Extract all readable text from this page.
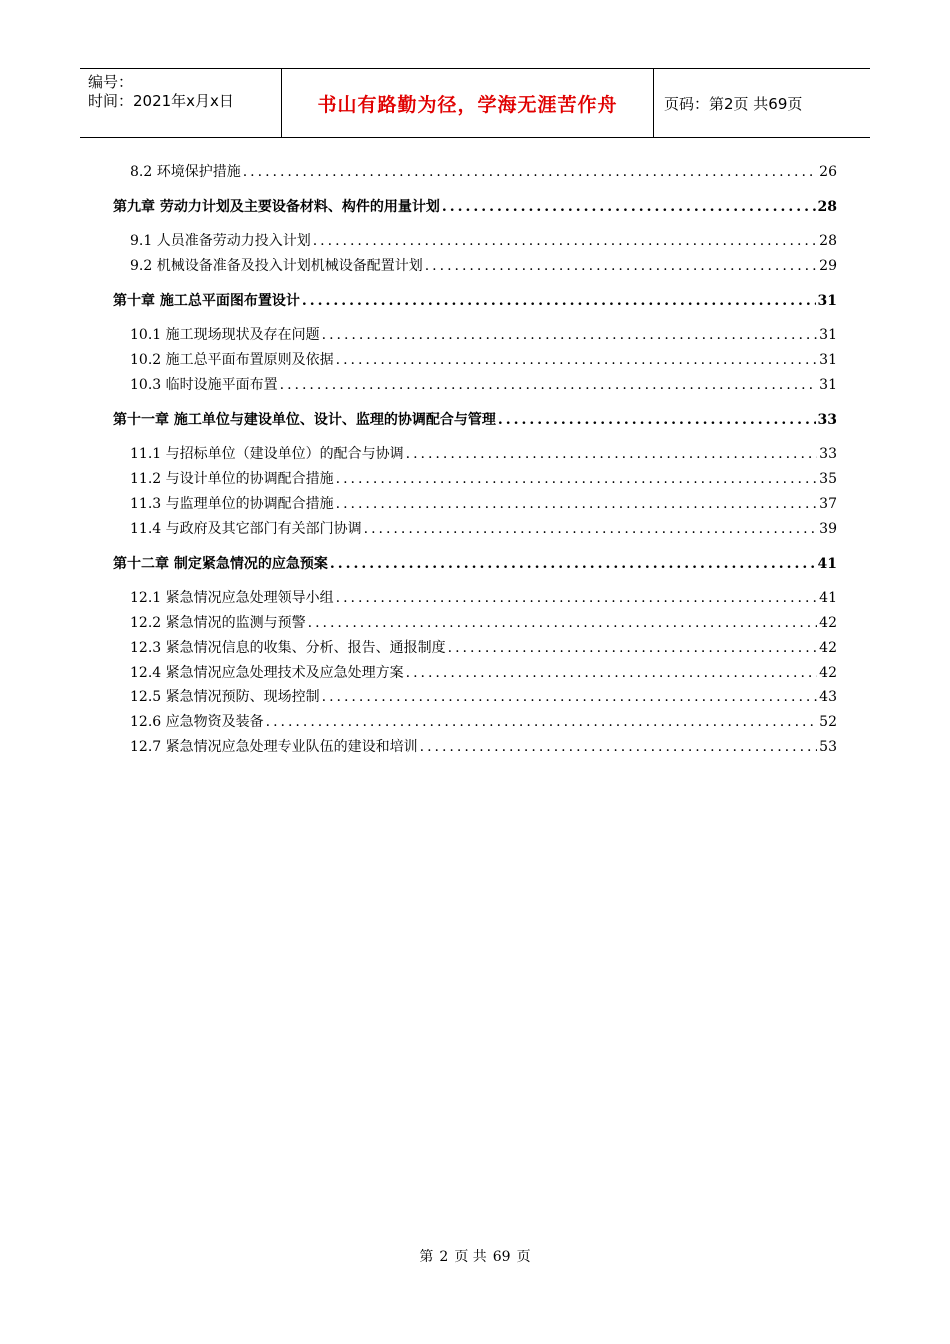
编号：
时间：2021年x月x日	书山有路勤为径，学海无涯苦作舟	页码：第2页 共69页
8.2 环境保护措施 .....	26
第九章 劳动力计划及主要设备材料、构件的用量计划 .....	28
9.1 人员准备劳动力投入计划 .....	28
9.2 机械设备准备及投入计划机械设备配置计划 .....	29
第十章 施工总平面图布置设计 .....	31
10.1 施工现场现状及存在问题 .....	31
10.2 施工总平面布置原则及依据 .....	31
10.3 临时设施平面布置 .....	31
第十一章 施工单位与建设单位、设计、监理的协调配合与管理 .....	33
11.1 与招标单位（建设单位）的配合与协调 .....	33
11.2 与设计单位的协调配合措施 .....	35
11.3 与监理单位的协调配合措施 .....	37
11.4 与政府及其它部门有关部门协调 .....	39
第十二章 制定紧急情况的应急预案 .....	41
12.1 紧急情况应急处理领导小组 .....	41
12.2 紧急情况的监测与预警 .....	42
12.3 紧急情况信息的收集、分析、报告、通报制度 .....	42
12.4 紧急情况应急处理技术及应急处理方案 .....	42
12.5 紧急情况预防、现场控制 .....	43
12.6 应急物资及装备 .....	52
12.7 紧急情况应急处理专业队伍的建设和培训 .....	53
第 2 页 共 69 页
